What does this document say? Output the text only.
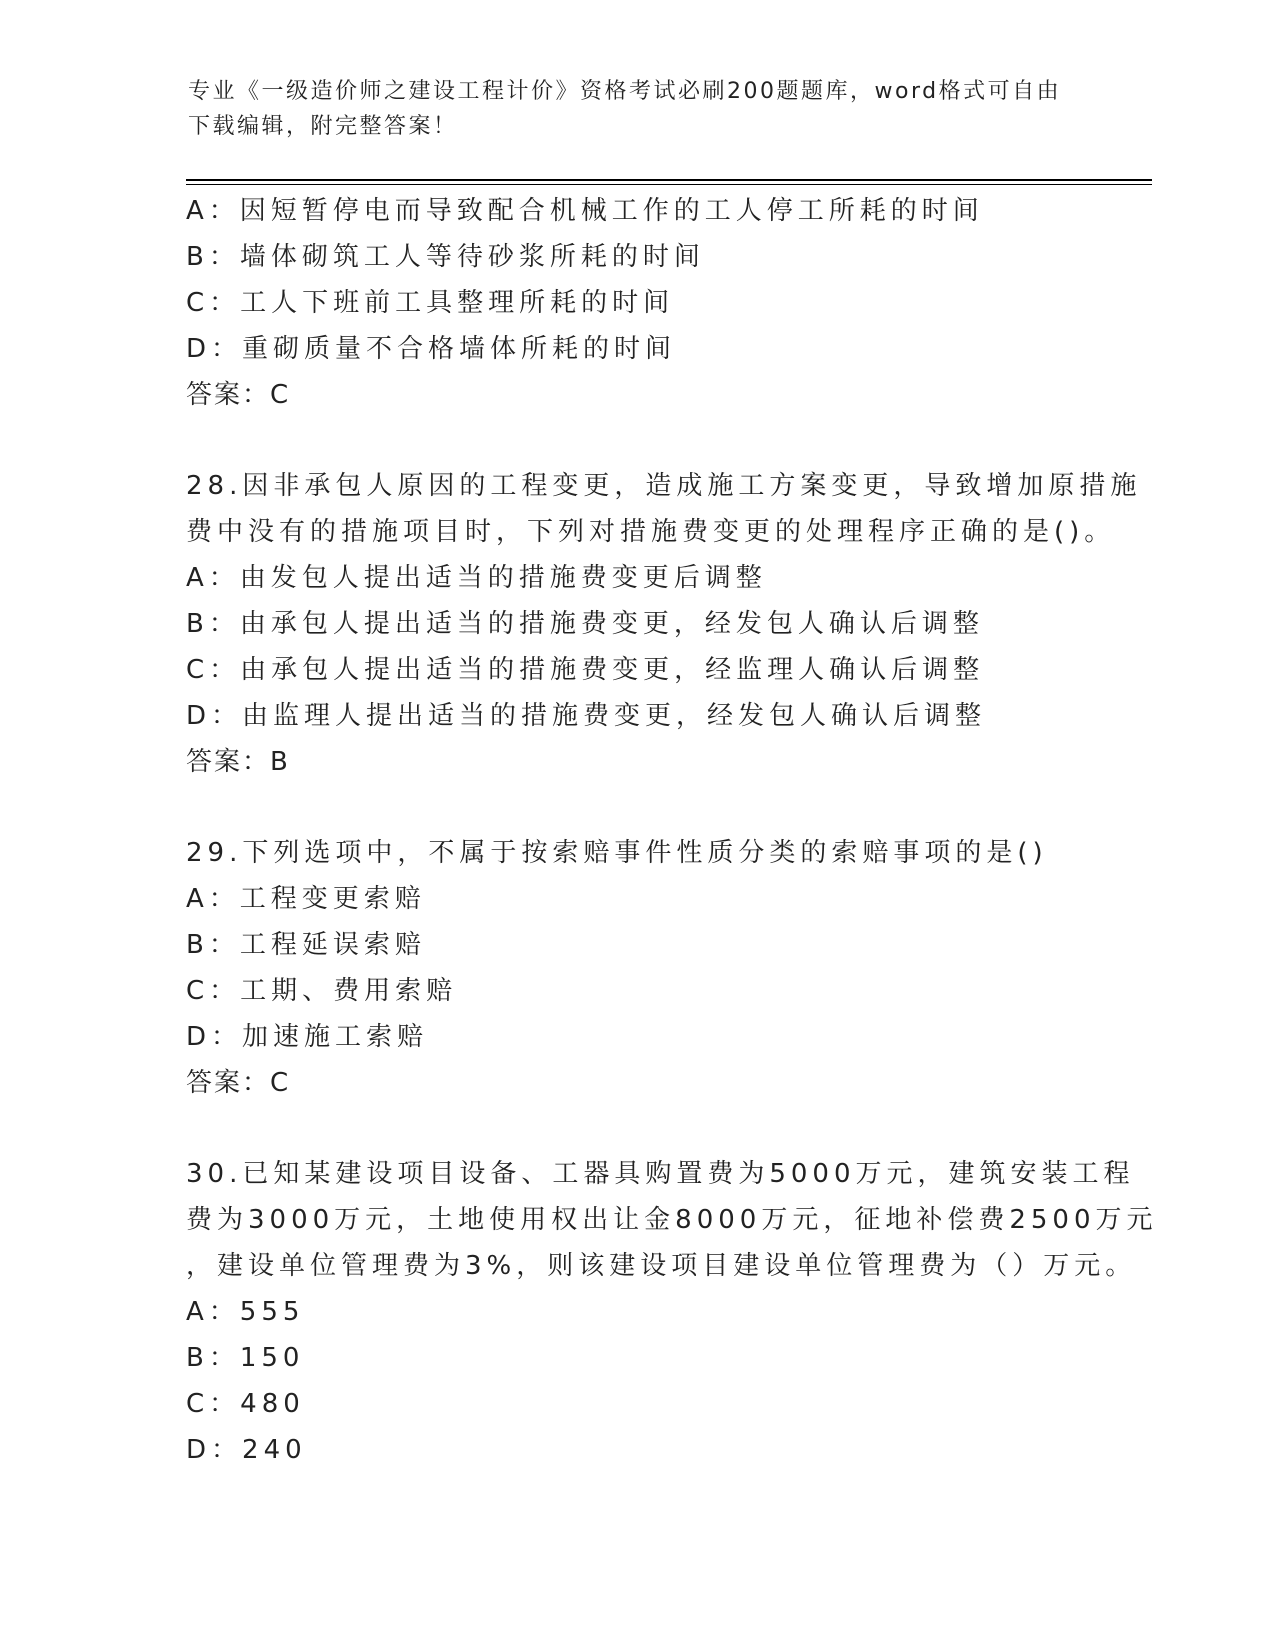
专业《一级造价师之建设工程计价》资格考试必刷200题题库，word格式可自由
下载编辑，附完整答案！
A：因短暂停电而导致配合机械工作的工人停工所耗的时间
B：墙体砌筑工人等待砂浆所耗的时间
C：工人下班前工具整理所耗的时间
D：重砌质量不合格墙体所耗的时间
答案：C
28.因非承包人原因的工程变更，造成施工方案变更，导致增加原措施
费中没有的措施项目时，下列对措施费变更的处理程序正确的是()。
A：由发包人提出适当的措施费变更后调整
B：由承包人提出适当的措施费变更，经发包人确认后调整
C：由承包人提出适当的措施费变更，经监理人确认后调整
D：由监理人提出适当的措施费变更，经发包人确认后调整
答案：B
29.下列选项中，不属于按索赔事件性质分类的索赔事项的是()
A：工程变更索赔
B：工程延误索赔
C：工期、费用索赔
D：加速施工索赔
答案：C
30.已知某建设项目设备、工器具购置费为5000万元，建筑安装工程
费为3000万元，土地使用权出让金8000万元，征地补偿费2500万元
，建设单位管理费为3%，则该建设项目建设单位管理费为（）万元。
A：555
B：150
C：480
D：240
